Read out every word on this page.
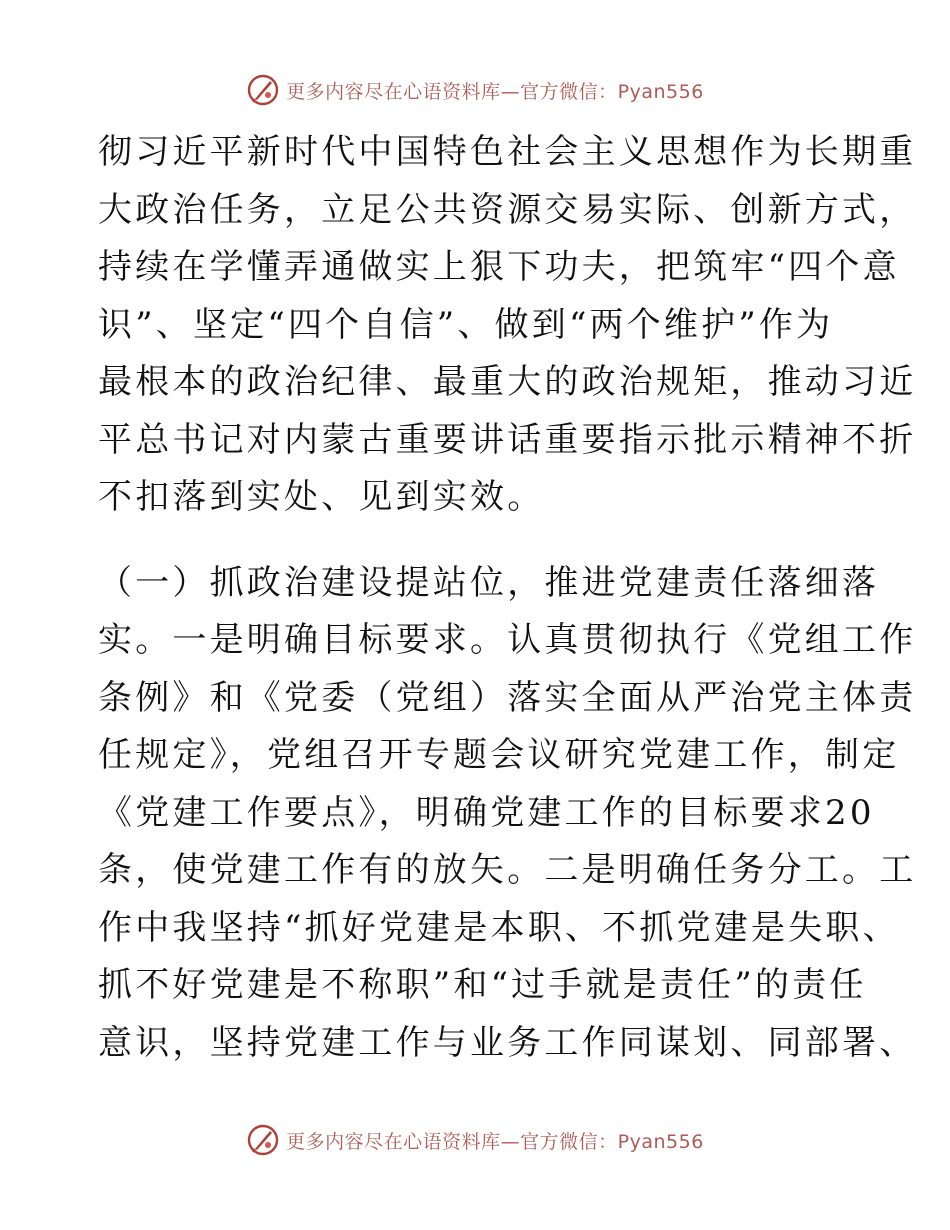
更多内容尽在心语资料库—官方微信：Pyan556
彻习近平新时代中国特色社会主义思想作为长期重
大政治任务，立足公共资源交易实际、创新方式，
持续在学懂弄通做实上狠下功夫，把筑牢“四个意
识”、坚定“四个自信”、做到“两个维护”作为
最根本的政治纪律、最重大的政治规矩，推动习近
平总书记对内蒙古重要讲话重要指示批示精神不折
不扣落到实处、见到实效。
（一）抓政治建设提站位，推进党建责任落细落
实。一是明确目标要求。认真贯彻执行《党组工作
条例》和《党委（党组）落实全面从严治党主体责
任规定》，党组召开专题会议研究党建工作，制定
《党建工作要点》，明确党建工作的目标要求20
条，使党建工作有的放矢。二是明确任务分工。工
作中我坚持“抓好党建是本职、不抓党建是失职、
抓不好党建是不称职”和“过手就是责任”的责任
意识，坚持党建工作与业务工作同谋划、同部署、
更多内容尽在心语资料库—官方微信：Pyan556
